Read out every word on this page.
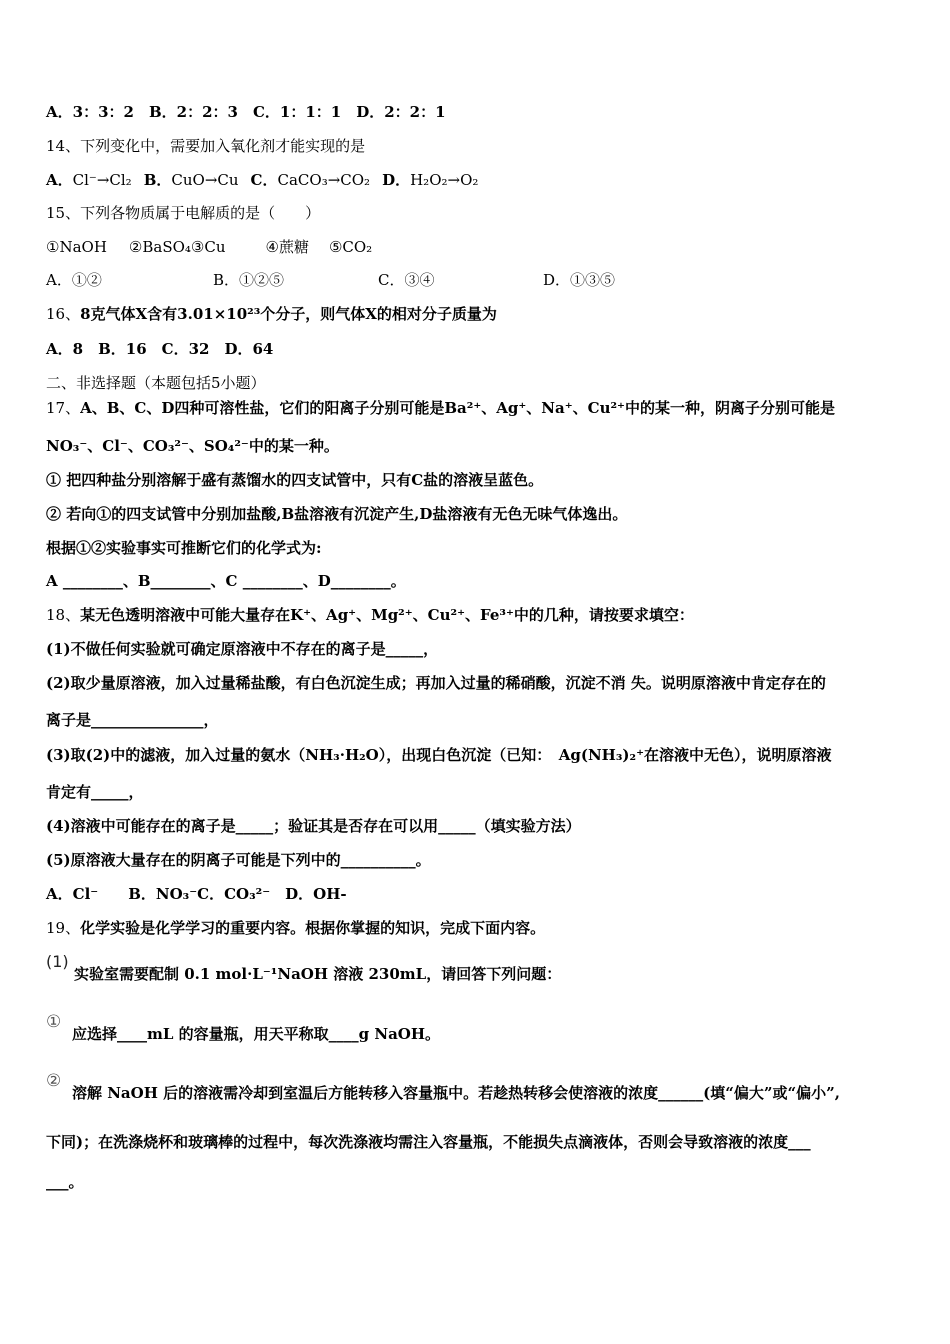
A．3：3：2　B．2：2：3　C．1：1：1　D．2：2：1
14、下列变化中，需要加入氧化剂才能实现的是
A．Cl⁻→Cl₂ B．CuO→Cu C．CaCO₃→CO₂ D．H₂O₂→O₂
15、下列各物质属于电解质的是（　　）
①NaOH ②BaSO₄③Cu	④蔗糖 ⑤CO₂
A．①②	B．①②⑤	C．③④	D．①③⑤
16、8克气体X含有3.01×10²³个分子，则气体X的相对分子质量为
A．8　B．16　C．32　D．64
二、非选择题（本题包括5小题）
17、A、B、C、D四种可溶性盐，它们的阳离子分别可能是Ba²⁺、Ag⁺、Na⁺、Cu²⁺中的某一种，阴离子分别可能是
NO₃⁻、Cl⁻、CO₃²⁻、SO₄²⁻中的某一种。
① 把四种盐分别溶解于盛有蒸馏水的四支试管中，只有C盐的溶液呈蓝色。
② 若向①的四支试管中分别加盐酸,B盐溶液有沉淀产生,D盐溶液有无色无味气体逸出。
根据①②实验事实可推断它们的化学式为:
A ________、B________、C ________、D________。
18、某无色透明溶液中可能大量存在K⁺、Ag⁺、Mg²⁺、Cu²⁺、Fe³⁺中的几种，请按要求填空：
(1)不做任何实验就可确定原溶液中不存在的离子是_____，
(2)取少量原溶液，加入过量稀盐酸，有白色沉淀生成；再加入过量的稀硝酸，沉淀不消 失。说明原溶液中肯定存在的
离子是_______________，
(3)取(2)中的滤液，加入过量的氨水（NH₃·H₂O），出现白色沉淀（已知：　Ag(NH₃)₂⁺在溶液中无色），说明原溶液
肯定有_____，
(4)溶液中可能存在的离子是_____；验证其是否存在可以用_____（填实验方法）
(5)原溶液大量存在的阴离子可能是下列中的__________。
A．Cl⁻　　B．NO₃⁻C．CO₃²⁻　D．OH-
19、化学实验是化学学习的重要内容。根据你掌握的知识，完成下面内容。
(1)
实验室需要配制 0.1 mol·L⁻¹NaOH 溶液 230mL，请回答下列问题：
①
应选择____mL 的容量瓶，用天平称取____g NaOH。
②
溶解 NaOH 后的溶液需冷却到室温后方能转移入容量瓶中。若趁热转移会使溶液的浓度______(填“偏大”或“偏小”,
下同)；在洗涤烧杯和玻璃棒的过程中，每次洗涤液均需注入容量瓶，不能损失点滴液体，否则会导致溶液的浓度___
___。
